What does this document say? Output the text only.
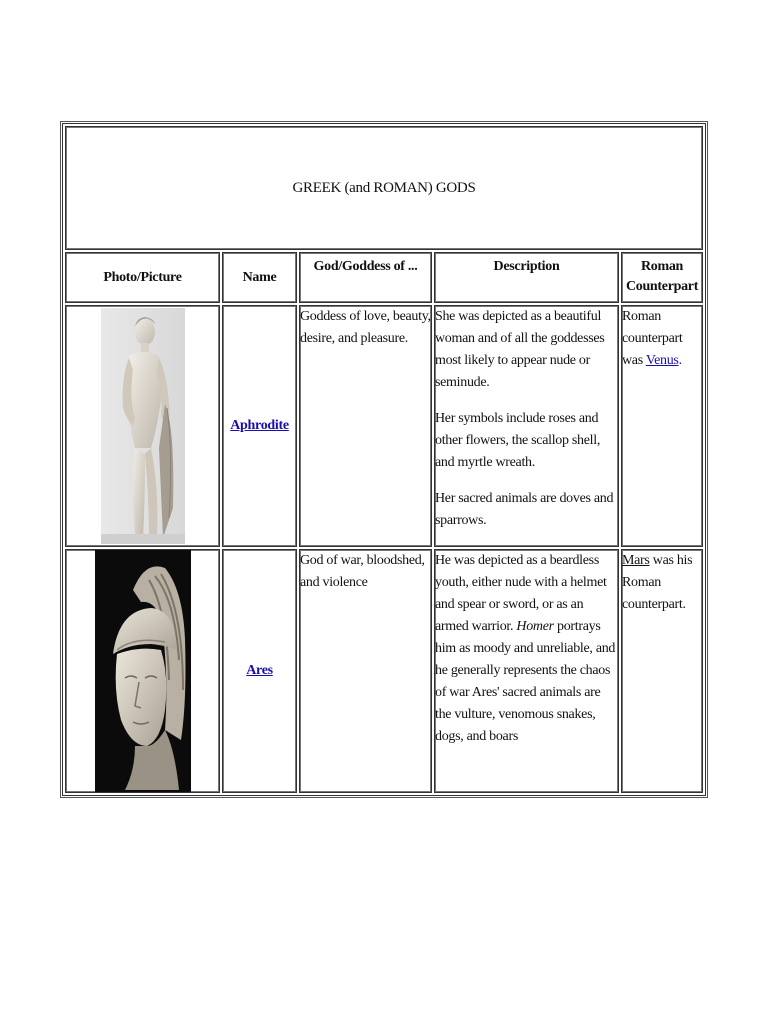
GREEK (and ROMAN) GODS				
Photo/Picture	Name	God/Goddess of ...	Description	Roman Counterpart

	Aphrodite	Goddess of love, beauty, desire, and pleasure.	She was depicted as a beautiful woman and of all the goddesses most likely to appear nude or seminude.

Her symbols include roses and other flowers, the scallop shell, and myrtle wreath.

Her sacred animals are doves and sparrows.	Roman counterpart was Venus.

	Ares	God of war, bloodshed, and violence	He was depicted as a beardless youth, either nude with a helmet and spear or sword, or as an armed warrior. Homer portrays him as moody and unreliable, and he generally represents the chaos of war Ares' sacred animals are the vulture, venomous snakes, dogs, and boars	Mars was his Roman counterpart.
